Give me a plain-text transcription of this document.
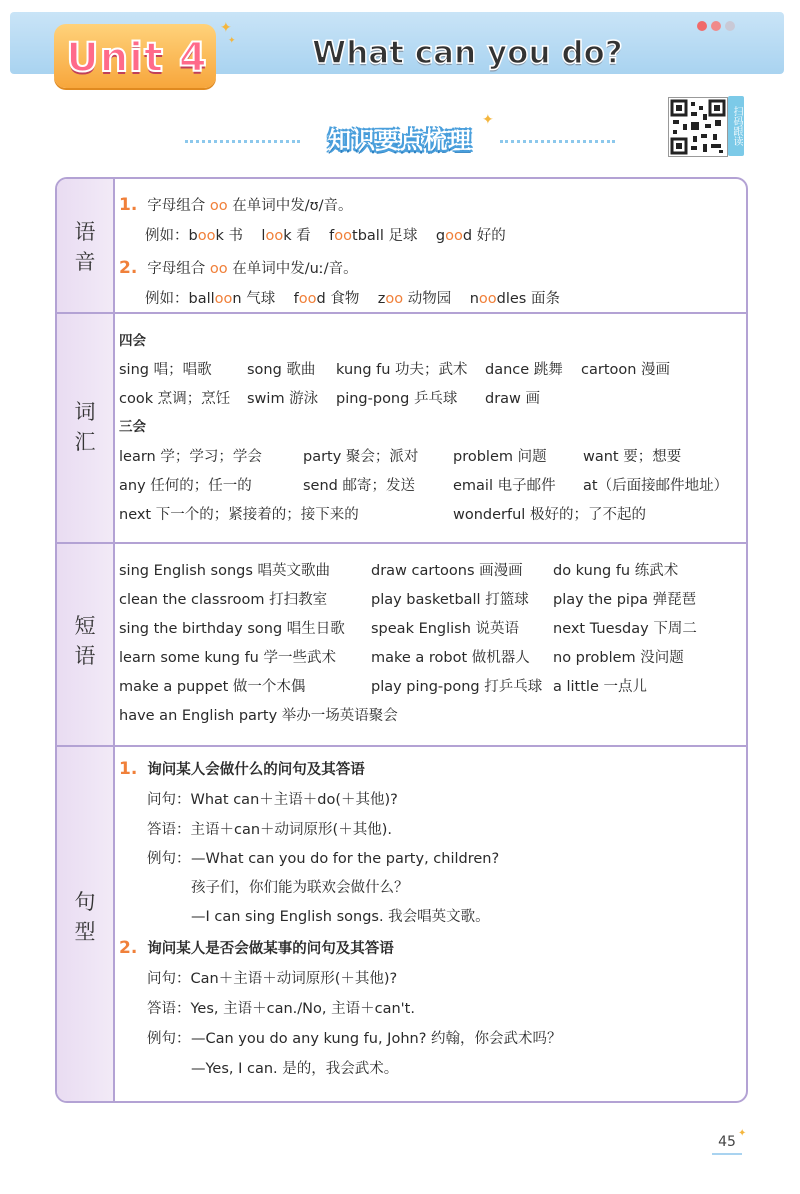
Unit 4
✦
✦ What can you do?
扫码跟读
知识要点梳理
✦
语
音
词
汇
短
语
句
型
1. 字母组合 oo 在单词中发/ʊ/音。
例如：book 书 look 看 football 足球 good 好的
2. 字母组合 oo 在单词中发/uː/音。
例如：balloon 气球 food 食物 zoo 动物园 noodles 面条
四会
sing 唱；唱歌 song 歌曲 kung fu 功夫；武术 dance 跳舞 cartoon 漫画
cook 烹调；烹饪 swim 游泳 ping-pong 乒乓球 draw 画
三会
learn 学；学习；学会	party 聚会；派对 problem 问题	want 要；想要
any 任何的；任一的	send 邮寄；发送	email 电子邮件 at（后面接邮件地址）
next 下一个的；紧接着的；接下来的	wonderful 极好的；了不起的
sing English songs 唱英文歌曲	draw cartoons 画漫画 do kung fu 练武术
clean the classroom 打扫教室	play basketball 打篮球 play the pipa 弹琵琶
sing the birthday song 唱生日歌 speak English 说英语 next Tuesday 下周二
learn some kung fu 学一些武术 make a robot 做机器人 no problem 没问题
make a puppet 做一个木偶	play ping-pong 打乒乓球 a little 一点儿
have an English party 举办一场英语聚会
1. 询问某人会做什么的问句及其答语
问句：What can＋主语＋do(＋其他)?
答语：主语＋can＋动词原形(＋其他).
例句： —What can you do for the party, children?
孩子们，你们能为联欢会做什么？
—I can sing English songs. 我会唱英文歌。
2. 询问某人是否会做某事的问句及其答语
问句：Can＋主语＋动词原形(＋其他)?
答语：Yes, 主语＋can./No, 主语＋can't.
例句： —Can you do any kung fu, John? 约翰，你会武术吗？
—Yes, I can. 是的，我会武术。
45
✦
